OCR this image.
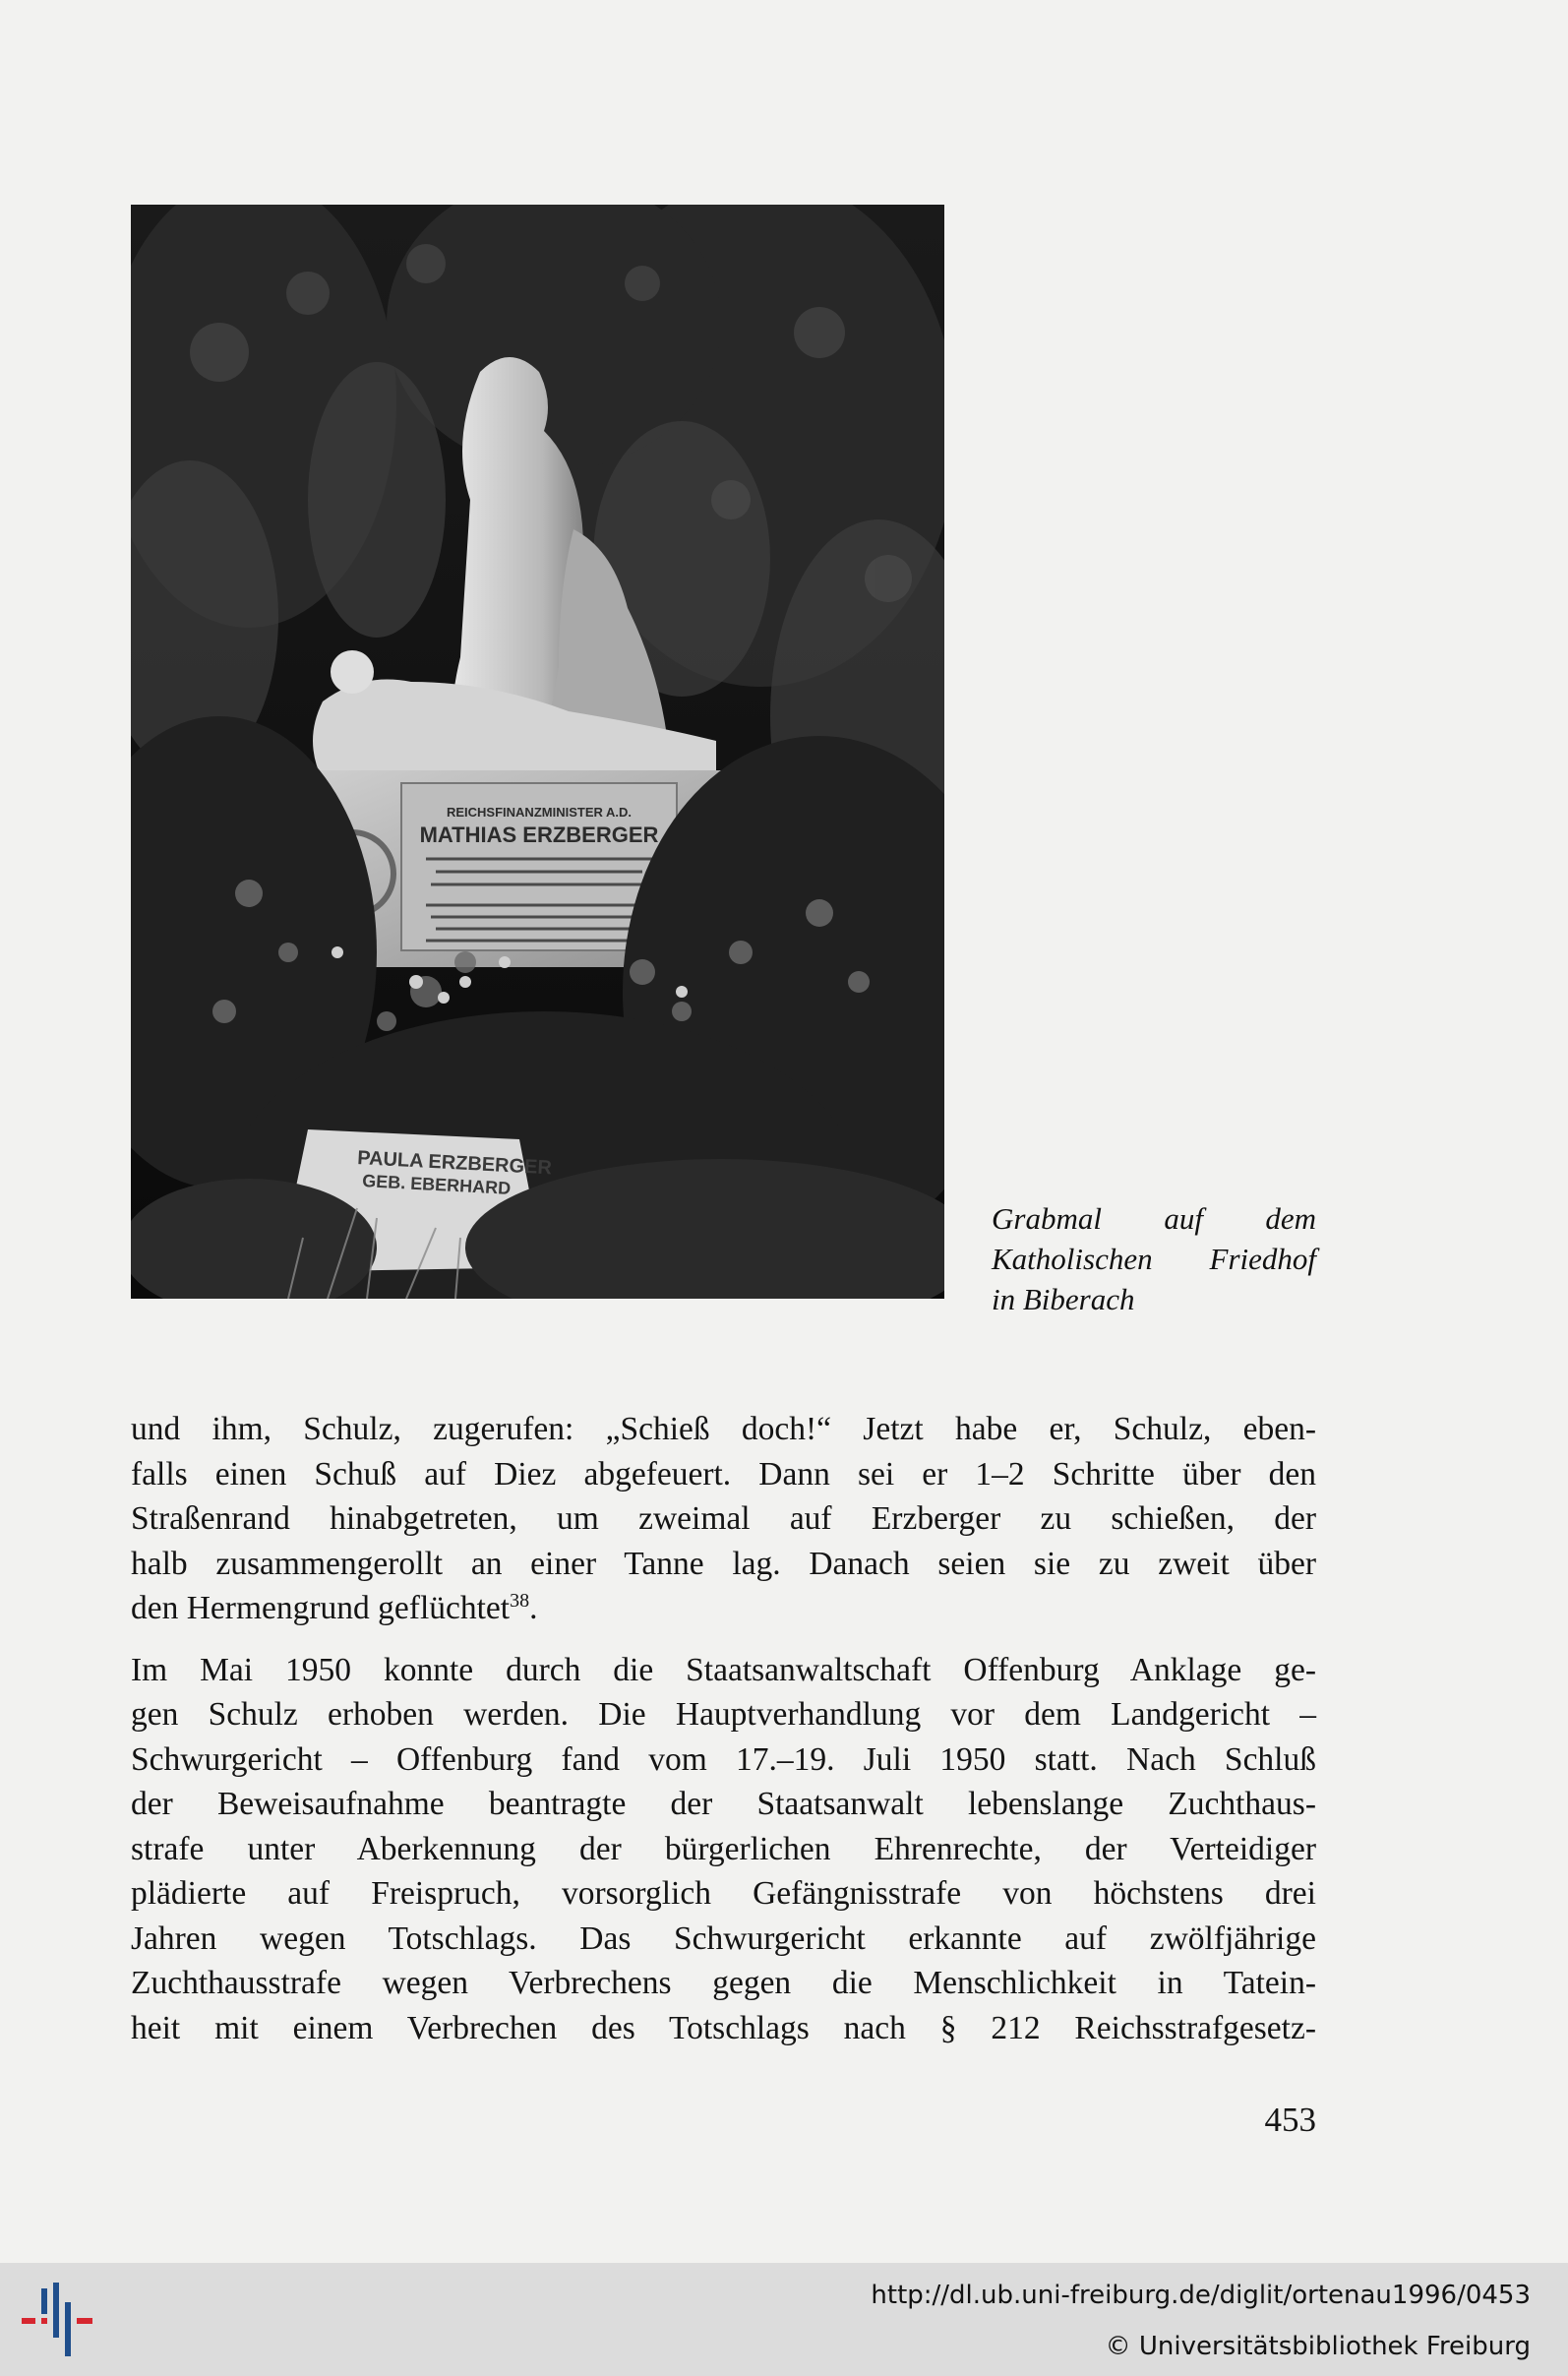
REICHSFINANZMINISTER A.D.
MATHIAS ERZBERGER
PAULA ERZBERGER
GEB. EBERHARD
Grabmal auf dem
Katholischen Friedhof
in Biberach

und ihm, Schulz, zugerufen: „Schieß doch!“ Jetzt habe er, Schulz, eben-
falls einen Schuß auf Diez abgefeuert. Dann sei er 1–2 Schritte über den
Straßenrand hinabgetreten, um zweimal auf Erzberger zu schießen, der
halb zusammengerollt an einer Tanne lag. Danach seien sie zu zweit über
den Hermengrund geflüchtet$^{38}$.

Im Mai 1950 konnte durch die Staatsanwaltschaft Offenburg Anklage ge-
gen Schulz erhoben werden. Die Hauptverhandlung vor dem Landgericht –
Schwurgericht – Offenburg fand vom 17.–19. Juli 1950 statt. Nach Schluß
der Beweisaufnahme beantragte der Staatsanwalt lebenslange Zuchthaus-
strafe unter Aberkennung der bürgerlichen Ehrenrechte, der Verteidiger
plädierte auf Freispruch, vorsorglich Gefängnisstrafe von höchstens drei
Jahren wegen Totschlags. Das Schwurgericht erkannte auf zwölfjährige
Zuchthausstrafe wegen Verbrechens gegen die Menschlichkeit in Tatein-
heit mit einem Verbrechen des Totschlags nach § 212 Reichsstrafgesetz-

453
http://dl.ub.uni-freiburg.de/diglit/ortenau1996/0453
© Universitätsbibliothek Freiburg
